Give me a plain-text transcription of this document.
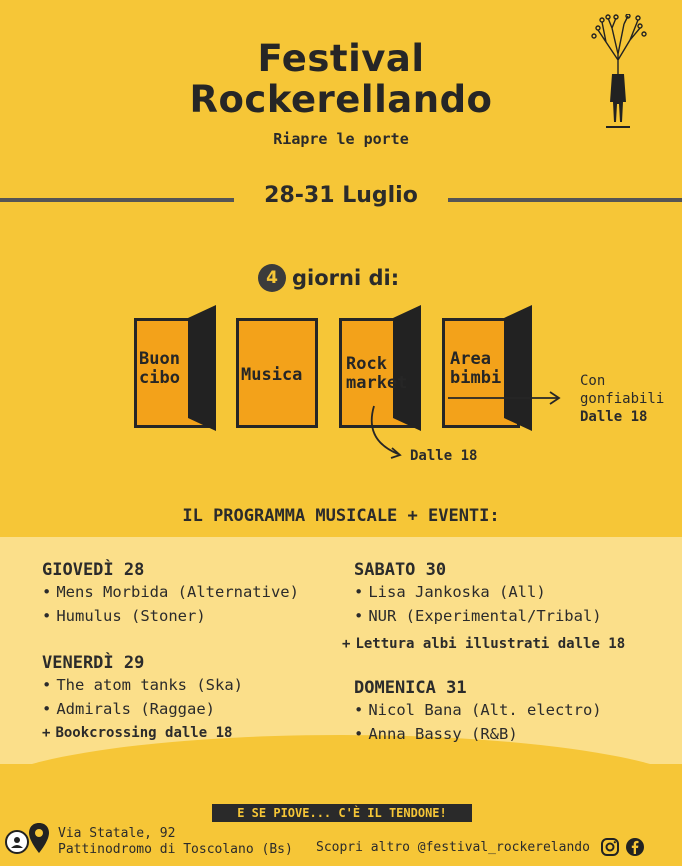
Festival
Rockerellando
Riapre le porte
28-31 Luglio
4 giorni di:
Buon
cibo	Musica
Rock
market
Area
bimbi
Dalle 18
Con
gonfiabili
Dalle 18
IL PROGRAMMA MUSICALE + EVENTI:
GIOVEDÌ 28
• Mens Morbida (Alternative)
• Humulus (Stoner)
VENERDÌ 29
• The atom tanks (Ska)
• Admirals (Raggae)
+ Bookcrossing dalle 18
SABATO 30
• Lisa Jankoska (All)
• NUR (Experimental/Tribal)
+ Lettura albi illustrati dalle 18
DOMENICA 31
• Nicol Bana (Alt. electro)
• Anna Bassy (R&B)
E SE PIOVE... C'È IL TENDONE!
Via Statale, 92
Pattinodromo di Toscolano (Bs) Scopri altro @festival_rockerelando
